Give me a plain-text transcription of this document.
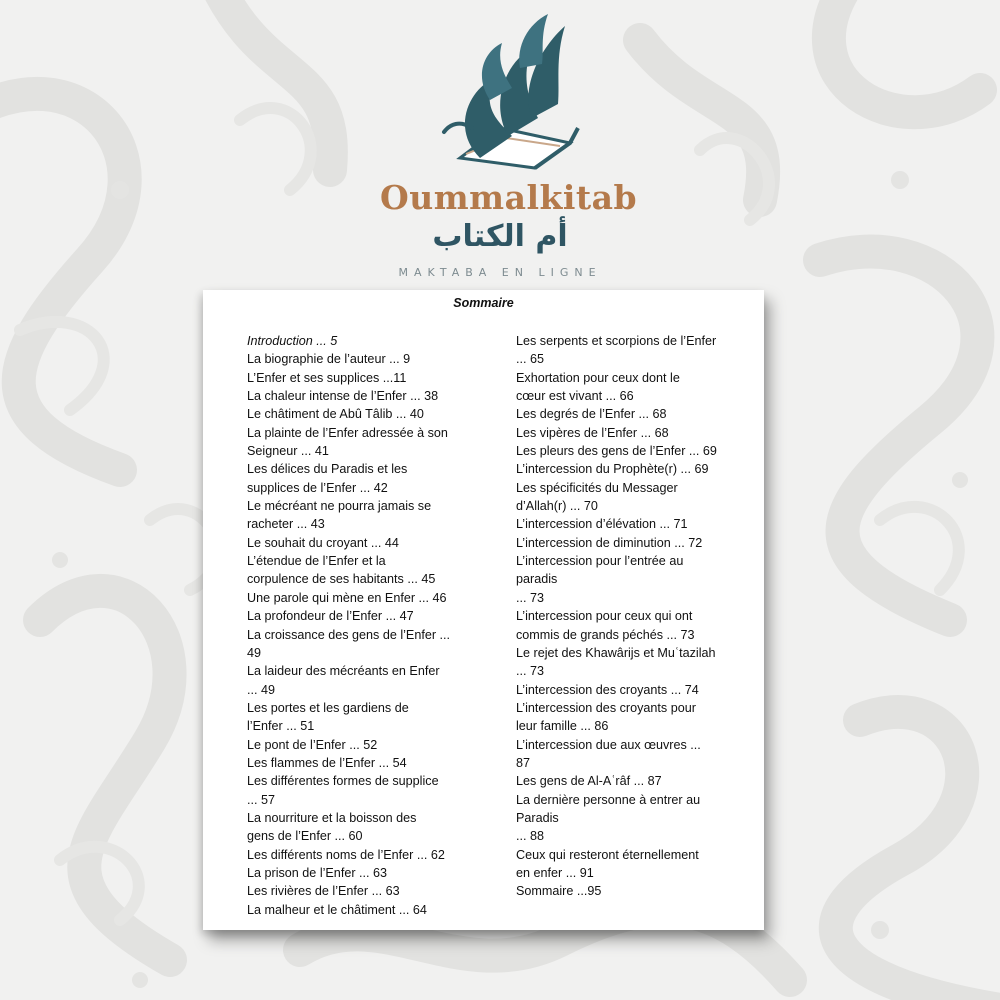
Oummalkitab
أم الكتاب
MAKTABA EN LIGNE
Sommaire
Introduction ... 5
La biographie de l’auteur ... 9
L’Enfer et ses supplices ...11
La chaleur intense de l’Enfer ... 38
Le châtiment de Abû Tâlib ... 40
La plainte de l’Enfer adressée à son
Seigneur ... 41
Les délices du Paradis et les
supplices de l’Enfer ... 42
Le mécréant ne pourra jamais se
racheter ... 43
Le souhait du croyant ... 44
L’étendue de l’Enfer et la
corpulence de ses habitants ... 45
Une parole qui mène en Enfer ... 46
La profondeur de l’Enfer ... 47
La croissance des gens de l’Enfer ...
49
La laideur des mécréants en Enfer
... 49
Les portes et les gardiens de
l’Enfer ... 51
Le pont de l’Enfer ... 52
Les flammes de l’Enfer ... 54
Les différentes formes de supplice
... 57
La nourriture et la boisson des
gens de l’Enfer ... 60
Les différents noms de l’Enfer ... 62
La prison de l’Enfer ... 63
Les rivières de l’Enfer ... 63
La malheur et le châtiment ... 64
Les serpents et scorpions de l’Enfer
... 65
Exhortation pour ceux dont le
cœur est vivant ... 66
Les degrés de l’Enfer ... 68
Les vipères de l’Enfer ... 68
Les pleurs des gens de l’Enfer ... 69
L’intercession du Prophète(r) ... 69
Les spécificités du Messager
d’Allah(r) ... 70
L’intercession d’élévation ... 71
L’intercession de diminution ... 72
L’intercession pour l’entrée au
paradis
... 73
L’intercession pour ceux qui ont
commis de grands péchés ... 73
Le rejet des Khawârijs et Muʿtazilah
... 73
L’intercession des croyants ... 74
L’intercession des croyants pour
leur famille ... 86
L’intercession due aux œuvres ...
87
Les gens de Al-Aʿrâf ... 87
La dernière personne à entrer au
Paradis
... 88
Ceux qui resteront éternellement
en enfer ... 91
Sommaire ...95
